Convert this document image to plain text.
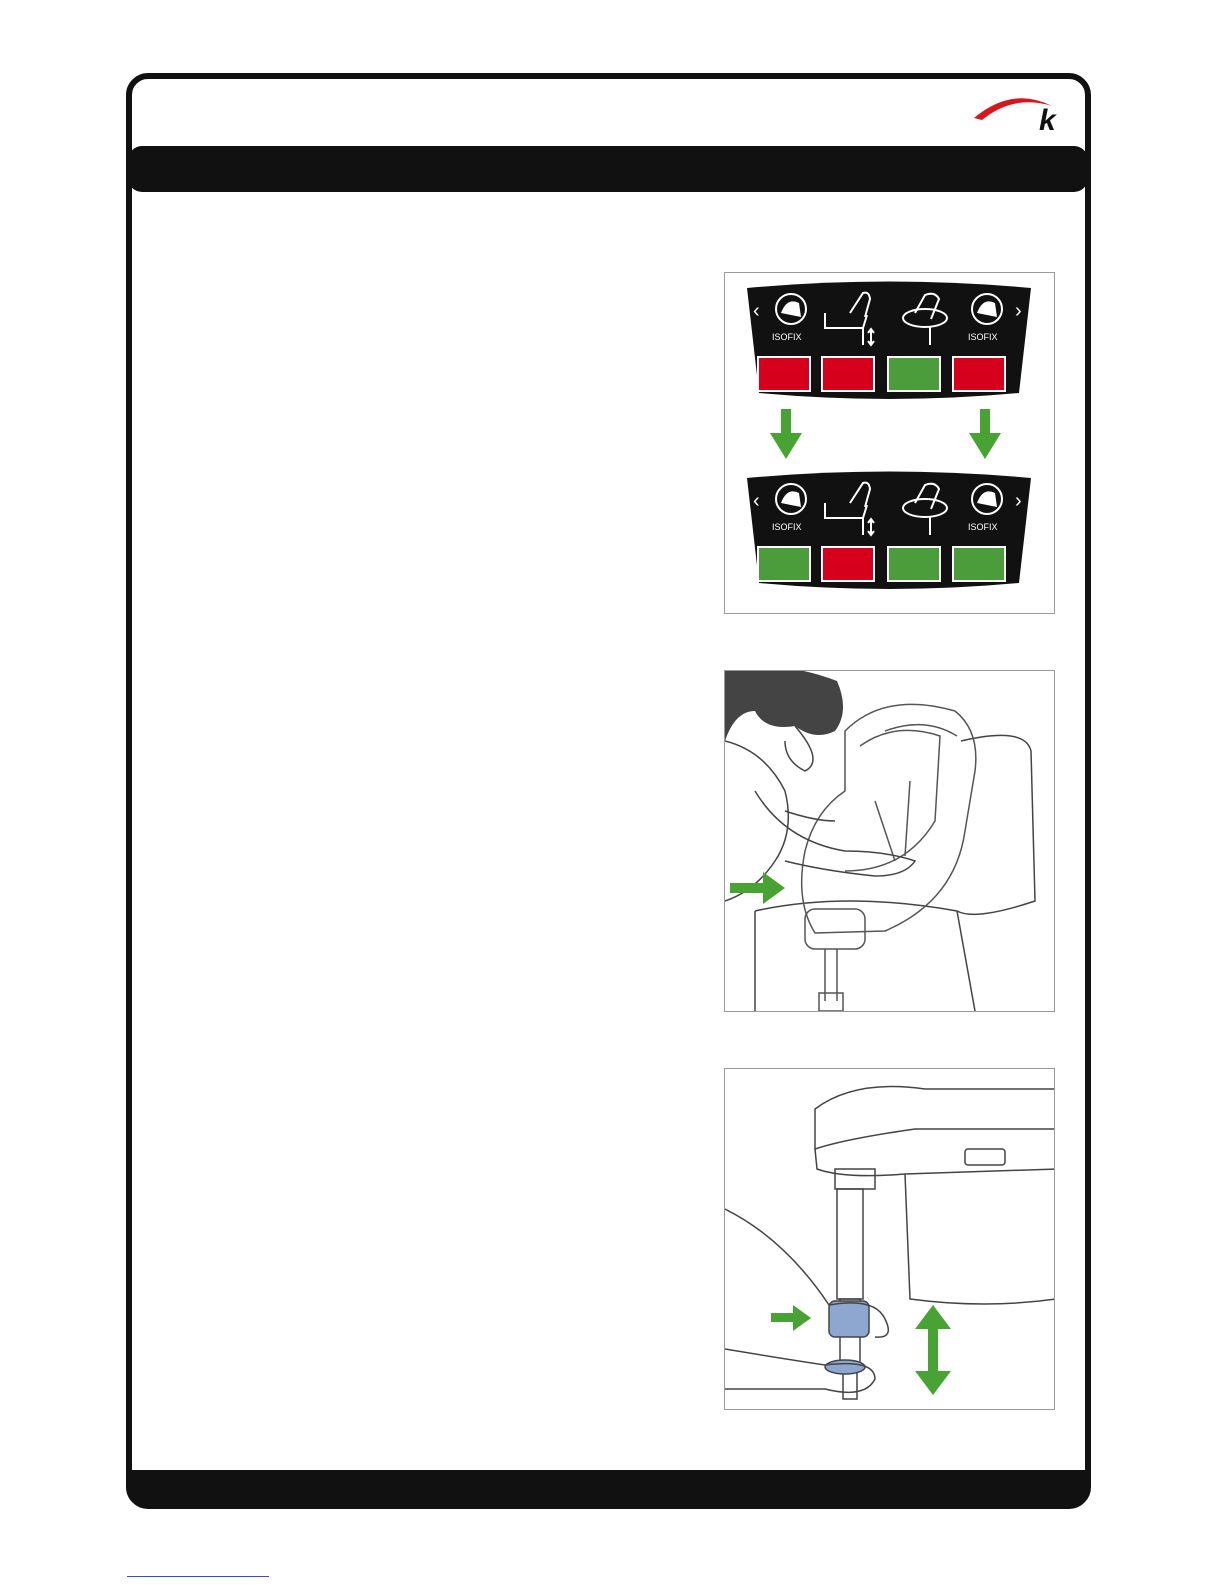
k
‹	›
ISOFIX	ISOFIX
‹	›
ISOFIX	ISOFIX
